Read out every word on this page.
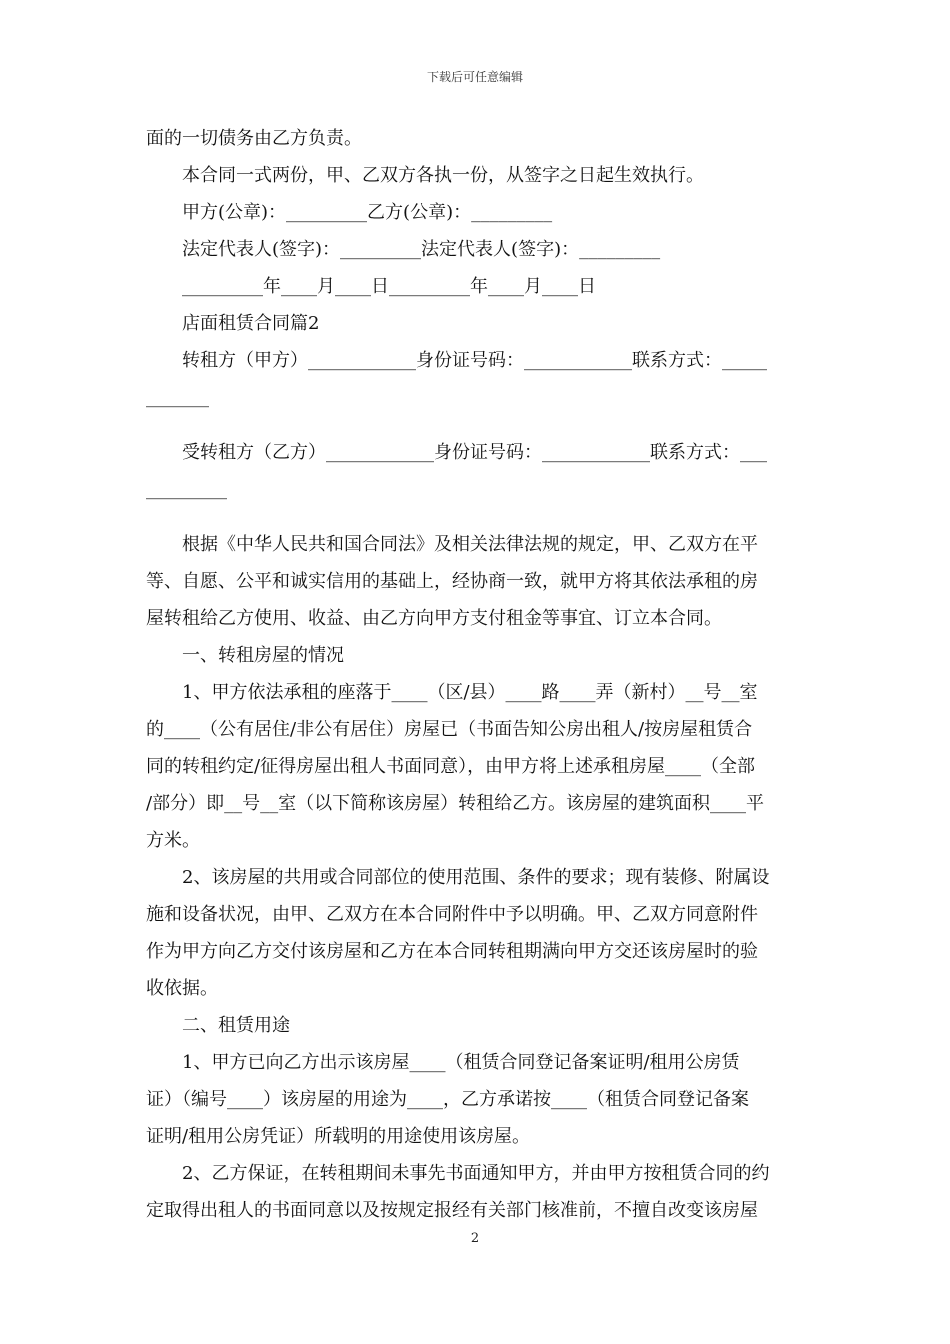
下载后可任意编辑
面的一切债务由乙方负责。
本合同一式两份，甲、乙双方各执一份，从签字之日起生效执行。
甲方(公章)：_________乙方(公章)：_________
法定代表人(签字)：_________法定代表人(签字)：_________
_________年____月____日_________年____月____日
店面租赁合同篇2
转租方（甲方）____________身份证号码：____________联系方式：_____
_______
受转租方（乙方）____________身份证号码：____________联系方式：___
_________
根据《中华人民共和国合同法》及相关法律法规的规定，甲、乙双方在平
等、自愿、公平和诚实信用的基础上，经协商一致，就甲方将其依法承租的房
屋转租给乙方使用、收益、由乙方向甲方支付租金等事宜、订立本合同。
一、转租房屋的情况
1、甲方依法承租的座落于____（区/县）____路____弄（新村）__号__室
的____（公有居住/非公有居住）房屋已（书面告知公房出租人/按房屋租赁合
同的转租约定/征得房屋出租人书面同意），由甲方将上述承租房屋____（全部
/部分）即__号__室（以下简称该房屋）转租给乙方。该房屋的建筑面积____平
方米。
2、该房屋的共用或合同部位的使用范围、条件的要求；现有装修、附属设
施和设备状况，由甲、乙双方在本合同附件中予以明确。甲、乙双方同意附件
作为甲方向乙方交付该房屋和乙方在本合同转租期满向甲方交还该房屋时的验
收依据。
二、租赁用途
1、甲方已向乙方出示该房屋____（租赁合同登记备案证明/租用公房赁
证）（编号____）该房屋的用途为____，乙方承诺按____（租赁合同登记备案
证明/租用公房凭证）所载明的用途使用该房屋。
2、乙方保证，在转租期间未事先书面通知甲方，并由甲方按租赁合同的约
定取得出租人的书面同意以及按规定报经有关部门核准前，不擅自改变该房屋
2
